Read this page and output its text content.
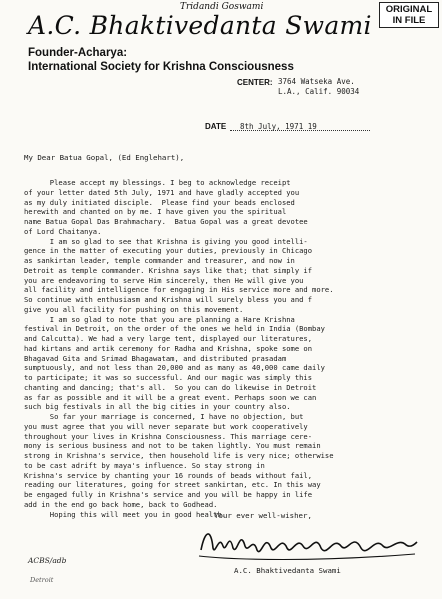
Tridandi Goswami	ORIGINAL
IN FILE
A.C. Bhaktivedanta Swami
Founder-Acharya:
International Society for Krishna Consciousness
CENTER: 3764 Watseka Ave.
L.A., Calif. 90034
DATE 8th July, 1971 19
My Dear Batua Gopal, (Ed Englehart),
Please accept my blessings. I beg to acknowledge receipt
of your letter dated 5th July, 1971 and have gladly accepted you
as my duly initiated disciple.  Please find your beads enclosed
herewith and chanted on by me. I have given you the spiritual
name Batua Gopal Das Brahmachary.  Batua Gopal was a great devotee
of Lord Chaitanya.
I am so glad to see that Krishna is giving you good intelli-
gence in the matter of executing your duties, previously in Chicago
as sankirtan leader, temple commander and treasurer, and now in
Detroit as temple commander. Krishna says like that; that simply if
you are endeavoring to serve Him sincerely, then He will give you
all facility and intelligence for engaging in His service more and more.
So continue with enthusiasm and Krishna will surely bless you and f
give you all facility for pushing on this movement.
I am so glad to note that you are planning a Hare Krishna
festival in Detroit, on the order of the ones we held in India (Bombay
and Calcutta). We had a very large tent, displayed our literatures,
had kirtans and artik ceremony for Radha and Krishna, spoke some on
Bhagavad Gita and Srimad Bhagawatam, and distributed prasadam
sumptuously, and not less than 20,000 and as many as 40,000 came daily
to participate; it was so successful. And our magic was simply this
chanting and dancing; that's all.  So you can do likewise in Detroit
as far as possible and it will be a great event. Perhaps soon we can
such big festivals in all the big cities in your country also.
So far your marriage is concerned, I have no objection, but
you must agree that you will never separate but work cooperatively
throughout your lives in Krishna Consciousness. This marriage cere-
mony is serious business and not to be taken lightly. You must remain
strong in Krishna's service, then household life is very nice; otherwise
to be cast adrift by maya's influence. So stay strong in
Krishna's service by chanting your 16 rounds of beads without fail,
reading our literatures, going for street sankirtan, etc. In this way
be engaged fully in Krishna's service and you will be happy in life
add in the end go back home, back to Godhead.
Hoping this will meet you in good health.
Your ever well-wisher,
A.C. Bhaktivedanta Swami
ACBS/adb
Detroit
